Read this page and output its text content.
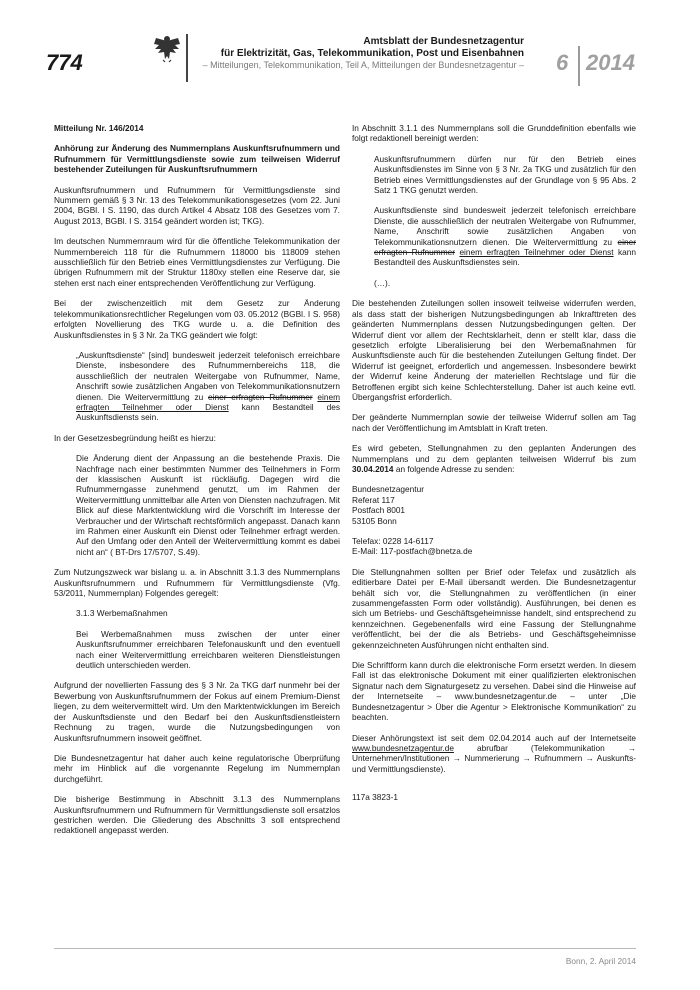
774
Amtsblatt der Bundesnetzagentur
für Elektrizität, Gas, Telekommunikation, Post und Eisenbahnen
– Mitteilungen, Telekommunikation, Teil A, Mitteilungen der Bundesnetzagentur – 6 2014

Mitteilung Nr. 146/2014

Anhörung zur Änderung des Nummernplans Auskunftsrufnummern und Rufnummern für Vermittlungsdienste sowie zum teilweisen Widerruf bestehender Zuteilungen für Auskunftsrufnummern

Auskunftsrufnummern und Rufnummern für Vermittlungsdienste sind Nummern gemäß § 3 Nr. 13 des Telekommunikationsgesetzes (vom 22. Juni 2004, BGBl. I S. 1190, das durch Artikel 4 Absatz 108 des Gesetzes vom 7. August 2013, BGBl. I S. 3154 geändert worden ist; TKG).

Im deutschen Nummernraum wird für die öffentliche Telekommunikation der Nummernbereich 118 für die Rufnummern 118000 bis 118009 stehen ausschließlich für den Betrieb eines Vermittlungsdienstes zur Verfügung. Die übrigen Rufnummern mit der Struktur 1180xy stellen eine Reserve dar, sie stehen erst nach einer entsprechenden Veröffentlichung zur Verfügung.

Bei der zwischenzeitlich mit dem Gesetz zur Änderung telekommunikationsrechtlicher Regelungen vom 03. 05.2012 (BGBl. I S. 958) erfolgten Novellierung des TKG wurde u. a. die Definition des Auskunftsdienstes in § 3 Nr. 2a TKG geändert wie folgt:

„Auskunftsdienste“ [sind] bundesweit jederzeit telefonisch erreichbare Dienste, insbesondere des Rufnummernbereichs 118, die ausschließlich der neutralen Weitergabe von Rufnummer, Name, Anschrift sowie zusätzlichen Angaben von Telekommunikationsnutzern dienen. Die Weitervermittlung zu einer erfragten Rufnummer einem erfragten Teilnehmer oder Dienst kann Bestandteil des Auskunftsdiensts sein.

In der Gesetzesbegründung heißt es hierzu:

Die Änderung dient der Anpassung an die bestehende Praxis. Die Nachfrage nach einer bestimmten Nummer des Teilnehmers in Form der klassischen Auskunft ist rückläufig. Dagegen wird die Rufnummerngasse zunehmend genutzt, um im Rahmen der Weitervermittlung unmittelbar alle Arten von Diensten nachzufragen. Mit Blick auf diese Marktentwicklung wird die Vorschrift im Interesse der Verbraucher und der Wirtschaft rechtsförmlich angepasst. Danach kann im Rahmen einer Auskunft ein Dienst oder Teilnehmer erfragt werden. Auf den Umfang oder den Anteil der Weitervermittlung kommt es dabei nicht an“ ( BT-Drs 17/5707, S.49).

Zum Nutzungszweck war bislang u. a. in Abschnitt 3.1.3 des Nummernplans Auskunftsrufnummern und Rufnummern für Vermittlungsdienste (Vfg. 53/2011, Nummernplan) Folgendes geregelt:

3.1.3 Werbemaßnahmen

Bei Werbemaßnahmen muss zwischen der unter einer Auskunftsrufnummer erreichbaren Telefonauskunft und den eventuell nach einer Weitervermittlung erreichbaren weiteren Dienstleistungen deutlich unterschieden werden.

Aufgrund der novellierten Fassung des § 3 Nr. 2a TKG darf nunmehr bei der Bewerbung von Auskunftsrufnummern der Fokus auf einem Premium-Dienst liegen, zu dem weitervermittelt wird. Um den Marktentwicklungen im Bereich der Auskunftsdienste und den Bedarf bei den Auskunftsdienstleistern Rechnung zu tragen, wurde die Nutzungsbedingungen von Auskunftsrufnummern insoweit geöffnet.

Die Bundesnetzagentur hat daher auch keine regulatorische Überprüfung mehr im Hinblick auf die vorgenannte Regelung im Nummernplan durchgeführt.

Die bisherige Bestimmung in Abschnitt 3.1.3 des Nummernplans Auskunftsrufnummern und Rufnummern für Vermittlungsdienste soll ersatzlos gestrichen werden. Die Gliederung des Abschnitts 3 soll entsprechend redaktionell angepasst werden.

In Abschnitt 3.1.1 des Nummernplans soll die Grunddefinition ebenfalls wie folgt redaktionell bereinigt werden:

Auskunftsrufnummern dürfen nur für den Betrieb eines Auskunftsdienstes im Sinne von § 3 Nr. 2a TKG und zusätzlich für den Betrieb eines Vermittlungsdienstes auf der Grundlage von § 95 Abs. 2 Satz 1 TKG genutzt werden.

Auskunftsdienste sind bundesweit jederzeit telefonisch erreichbare Dienste, die ausschließlich der neutralen Weitergabe von Rufnummer, Name, Anschrift sowie zusätzlichen Angaben von Telekommunikationsnutzern dienen. Die Weitervermittlung zu einer erfragten Rufnummer einem erfragten Teilnehmer oder Dienst kann Bestandteil des Auskunftsdienstes sein.

(…).

Die bestehenden Zuteilungen sollen insoweit teilweise widerrufen werden, als dass statt der bisherigen Nutzungsbedingungen ab Inkrafttreten des geänderten Nummernplans dessen Nutzungsbedingungen gelten. Der Widerruf dient vor allem der Rechtsklarheit, denn er stellt klar, dass die gesetzlich erfolgte Liberalisierung bei den Werbemaßnahmen für Auskunftsdienste auch für die bestehenden Zuteilungen Geltung findet. Der Widerruf ist geeignet, erforderlich und angemessen. Insbesondere bewirkt der Widerruf keine Änderung der materiellen Rechtslage und für die Betroffenen ergibt sich keine Schlechterstellung. Daher ist auch keine evtl. Übergangsfrist erforderlich.

Der geänderte Nummernplan sowie der teilweise Widerruf sollen am Tag nach der Veröffentlichung im Amtsblatt in Kraft treten.

Es wird gebeten, Stellungnahmen zu den geplanten Änderungen des Nummernplans und zu dem geplanten teilweisen Widerruf bis zum 30.04.2014 an folgende Adresse zu senden:

Bundesnetzagentur

Referat 117

Postfach 8001

53105 Bonn

Telefax: 0228 14-6117

E-Mail: 117-postfach@bnetza.de

Die Stellungnahmen sollten per Brief oder Telefax und zusätzlich als editierbare Datei per E-Mail übersandt werden. Die Bundesnetzagentur behält sich vor, die Stellungnahmen zu veröffentlichen (in einer zusammengefassten Form oder vollständig). Ausführungen, bei denen es sich um Betriebs- und Geschäftsgeheimnisse handelt, sind entsprechend zu kennzeichnen. Gegebenenfalls wird eine Fassung der Stellungnahme veröffentlicht, bei der die als Betriebs- und Geschäftsgeheimnisse gekennzeichneten Ausführungen nicht enthalten sind.

Die Schriftform kann durch die elektronische Form ersetzt werden. In diesem Fall ist das elektronische Dokument mit einer qualifizierten elektronischen Signatur nach dem Signaturgesetz zu versehen. Dabei sind die Hinweise auf der Internetseite – www.bundesnetzagentur.de – unter „Die Bundesnetzagentur > Über die Agentur > Elektronische Kommunikation“ zu beachten.

Dieser Anhörungstext ist seit dem 02.04.2014 auch auf der Internetseite www.bundesnetzagentur.de	abrufbar (Telekommunikation → Unternehmen/Institutionen → Nummerierung → Rufnummern → Auskunfts- und Vermittlungsdienste).

117a 3823-1

Bonn, 2. April 2014
